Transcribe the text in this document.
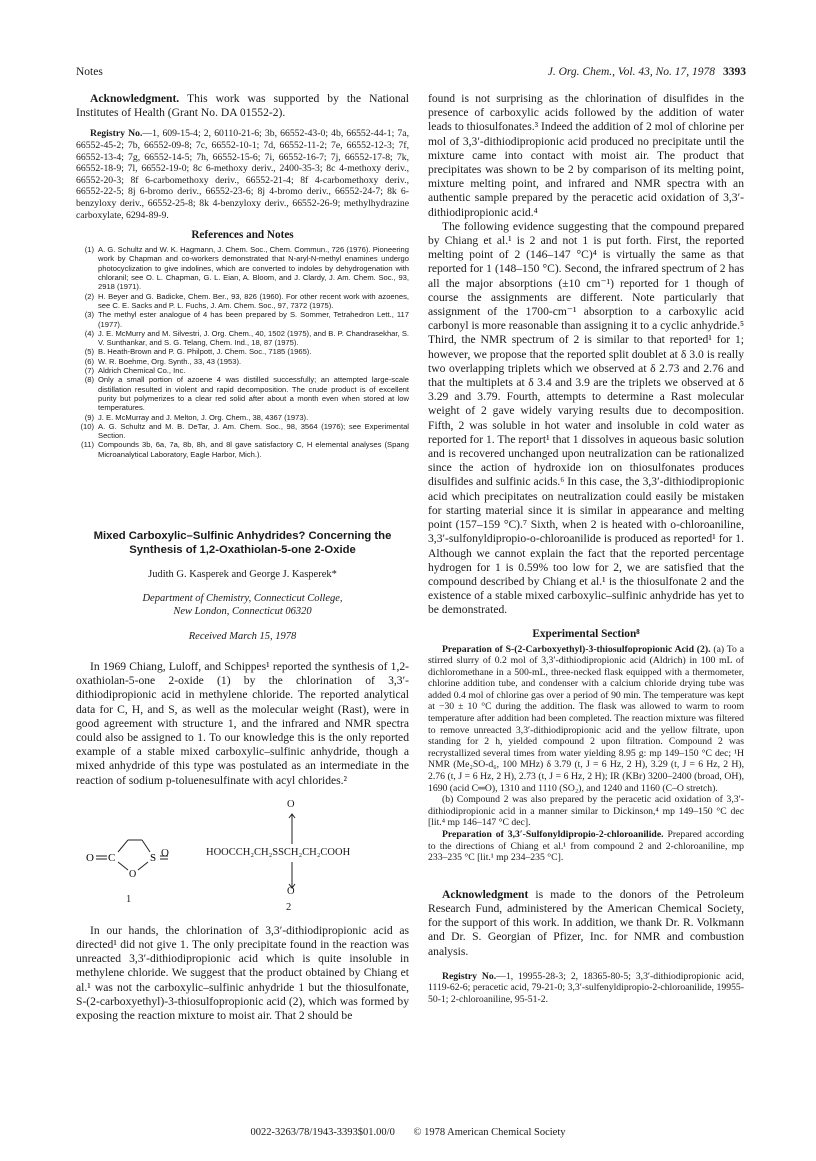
Notes	J. Org. Chem., Vol. 43, No. 17, 1978 3393

Acknowledgment. This work was supported by the National Institutes of Health (Grant No. DA 01552-2).

Registry No.—1, 609-15-4; 2, 60110-21-6; 3b, 66552-43-0; 4b, 66552-44-1; 7a, 66552-45-2; 7b, 66552-09-8; 7c, 66552-10-1; 7d, 66552-11-2; 7e, 66552-12-3; 7f, 66552-13-4; 7g, 66552-14-5; 7h, 66552-15-6; 7i, 66552-16-7; 7j, 66552-17-8; 7k, 66552-18-9; 7l, 66552-19-0; 8c 6-methoxy deriv., 2400-35-3; 8c 4-methoxy deriv., 66552-20-3; 8f 6-carbomethoxy deriv., 66552-21-4; 8f 4-carbomethoxy deriv., 66552-22-5; 8j 6-bromo deriv., 66552-23-6; 8j 4-bromo deriv., 66552-24-7; 8k 6-benzyloxy deriv., 66552-25-8; 8k 4-benzyloxy deriv., 66552-26-9; methylhydrazine carboxylate, 6294-89-9.

References and Notes
(1) A. G. Schultz and W. K. Hagmann, J. Chem. Soc., Chem. Commun., 726 (1976). Pioneering work by Chapman and co-workers demonstrated that N-aryl-N-methyl enamines undergo photocyclization to give indolines, which are converted to indoles by dehydrogenation with chloranil; see O. L. Chapman, G. L. Eian, A. Bloom, and J. Clardy, J. Am. Chem. Soc., 93, 2918 (1971).
(2) H. Beyer and G. Badicke, Chem. Ber., 93, 826 (1960). For other recent work with azoenes, see C. E. Sacks and P. L. Fuchs, J. Am. Chem. Soc., 97, 7372 (1975).
(3) The methyl ester analogue of 4 has been prepared by S. Sommer, Tetrahedron Lett., 117 (1977).
(4) J. E. McMurry and M. Silvestri, J. Org. Chem., 40, 1502 (1975), and B. P. Chandrasekhar, S. V. Sunthankar, and S. G. Telang, Chem. Ind., 18, 87 (1975).
(5) B. Heath-Brown and P. G. Philpott, J. Chem. Soc., 7185 (1965).
(6) W. R. Boehme, Org. Synth., 33, 43 (1953).
(7) Aldrich Chemical Co., Inc.
(8) Only a small portion of azoene 4 was distilled successfully; an attempted large-scale distillation resulted in violent and rapid decomposition. The crude product is of excellent purity but polymerizes to a clear red solid after about a month even when stored at low temperatures.
(9) J. E. McMurray and J. Melton, J. Org. Chem., 38, 4367 (1973).
(10) A. G. Schultz and M. B. DeTar, J. Am. Chem. Soc., 98, 3564 (1976); see Experimental Section.
(11) Compounds 3b, 6a, 7a, 8b, 8h, and 8l gave satisfactory C, H elemental analyses (Spang Microanalytical Laboratory, Eagle Harbor, Mich.).
Mixed Carboxylic–Sulfinic Anhydrides? Concerning the Synthesis of 1,2-Oxathiolan-5-one 2-Oxide
Judith G. Kasperek and George J. Kasperek*
Department of Chemistry, Connecticut College,
New London, Connecticut 06320
Received March 15, 1978

In 1969 Chiang, Luloff, and Schippes¹ reported the synthesis of 1,2-oxathiolan-5-one 2-oxide (1) by the chlorination of 3,3′-dithiodipropionic acid in methylene chloride. The reported analytical data for C, H, and S, as well as the molecular weight (Rast), were in good agreement with structure 1, and the infrared and NMR spectra could also be assigned to 1. To our knowledge this is the only reported example of a stable mixed carboxylic–sulfinic anhydride, though a mixed anhydride of this type was postulated as an intermediate in the reaction of sodium p-toluenesulfinate with acyl chlorides.²

O C	S
O
O
1
HOOCCH₂CH₂SSCH₂CH₂COOH
O
O
2

In our hands, the chlorination of 3,3′-dithiodipropionic acid as directed¹ did not give 1. The only precipitate found in the reaction was unreacted 3,3′-dithiodipropionic acid which is quite insoluble in methylene chloride. We suggest that the product obtained by Chiang et al.¹ was not the carboxylic–sulfinic anhydride 1 but the thiosulfonate, S-(2-carboxyethyl)-3-thiosulfopropionic acid (2), which was formed by exposing the reaction mixture to moist air. That 2 should be

found is not surprising as the chlorination of disulfides in the presence of carboxylic acids followed by the addition of water leads to thiosulfonates.³ Indeed the addition of 2 mol of chlorine per mol of 3,3′-dithiodipropionic acid produced no precipitate until the mixture came into contact with moist air. The product that precipitates was shown to be 2 by comparison of its melting point, mixture melting point, and infrared and NMR spectra with an authentic sample prepared by the peracetic acid oxidation of 3,3′-dithiodipropionic acid.⁴

The following evidence suggesting that the compound prepared by Chiang et al.¹ is 2 and not 1 is put forth. First, the reported melting point of 2 (146–147 °C)⁴ is virtually the same as that reported for 1 (148–150 °C). Second, the infrared spectrum of 2 has all the major absorptions (±10 cm⁻¹) reported for 1 though of course the assignments are different. Note particularly that assignment of the 1700-cm⁻¹ absorption to a carboxylic acid carbonyl is more reasonable than assigning it to a cyclic anhydride.⁵ Third, the NMR spectrum of 2 is similar to that reported¹ for 1; however, we propose that the reported split doublet at δ 3.0 is really two overlapping triplets which we observed at δ 2.73 and 2.76 and that the multiplets at δ 3.4 and 3.9 are the triplets we observed at δ 3.29 and 3.79. Fourth, attempts to determine a Rast molecular weight of 2 gave widely varying results due to decomposition. Fifth, 2 was soluble in hot water and insoluble in cold water as reported for 1. The report¹ that 1 dissolves in aqueous basic solution and is recovered unchanged upon neutralization can be rationalized since the action of hydroxide ion on thiosulfonates produces disulfides and sulfinic acids.⁶ In this case, the 3,3′-dithiodipropionic acid which precipitates on neutralization could easily be mistaken for starting material since it is similar in appearance and melting point (157–159 °C).⁷ Sixth, when 2 is heated with o-chloroaniline, 3,3′-sulfonyldipropio-o-chloroanilide is produced as reported¹ for 1. Although we cannot explain the fact that the reported percentage hydrogen for 1 is 0.59% too low for 2, we are satisfied that the compound described by Chiang et al.¹ is the thiosulfonate 2 and the existence of a stable mixed carboxylic–sulfinic anhydride has yet to be demonstrated.

Experimental Section⁸

Preparation of S-(2-Carboxyethyl)-3-thiosulfopropionic Acid (2). (a) To a stirred slurry of 0.2 mol of 3,3′-dithiodipropionic acid (Aldrich) in 100 mL of dichloromethane in a 500-mL, three-necked flask equipped with a thermometer, chlorine addition tube, and condenser with a calcium chloride drying tube was added 0.4 mol of chlorine gas over a period of 90 min. The temperature was kept at −30 ± 10 °C during the addition. The flask was allowed to warm to room temperature after addition had been completed. The reaction mixture was filtered to remove unreacted 3,3′-dithiodipropionic acid and the yellow filtrate, upon standing for 2 h, yielded compound 2 upon filtration. Compound 2 was recrystallized several times from water yielding 8.95 g: mp 149–150 °C dec; ¹H NMR (Me₂SO-d₆, 100 MHz) δ 3.79 (t, J = 6 Hz, 2 H), 3.29 (t, J = 6 Hz, 2 H), 2.76 (t, J = 6 Hz, 2 H), 2.73 (t, J = 6 Hz, 2 H); IR (KBr) 3200–2400 (broad, OH), 1690 (acid C═O), 1310 and 1110 (SO₂), and 1240 and 1160 (C–O stretch).

(b) Compound 2 was also prepared by the peracetic acid oxidation of 3,3′-dithiodipropionic acid in a manner similar to Dickinson,⁴ mp 149–150 °C dec [lit.⁴ mp 146–147 °C dec].

Preparation of 3,3′-Sulfonyldipropio-2-chloroanilide. Prepared according to the directions of Chiang et al.¹ from compound 2 and 2-chloroaniline, mp 233–235 °C [lit.¹ mp 234–235 °C].

Acknowledgment is made to the donors of the Petroleum Research Fund, administered by the American Chemical Society, for the support of this work. In addition, we thank Dr. R. Volkmann and Dr. S. Georgian of Pfizer, Inc. for NMR and combustion analysis.

Registry No.—1, 19955-28-3; 2, 18365-80-5; 3,3′-dithiodipropionic acid, 1119-62-6; peracetic acid, 79-21-0; 3,3′-sulfenyldipropio-2-chloroanilide, 19955-50-1; 2-chloroaniline, 95-51-2.

0022-3263/78/1943-3393$01.00/0 © 1978 American Chemical Society
